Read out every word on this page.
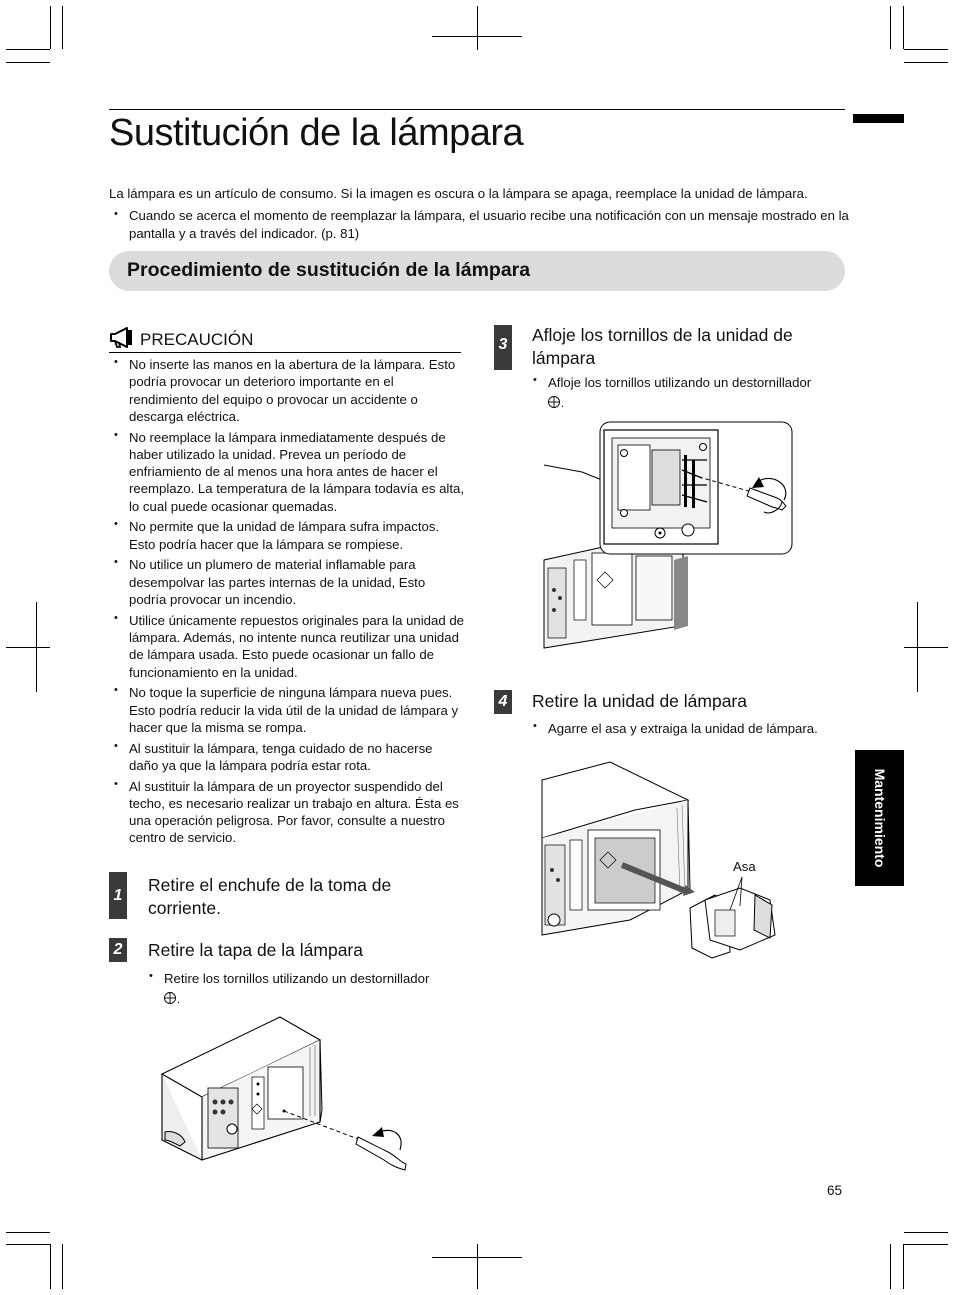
Sustitución de la lámpara
La lámpara es un artículo de consumo. Si la imagen es oscura o la lámpara se apaga, reemplace la unidad de lámpara.
• Cuando se acerca el momento de reemplazar la lámpara, el usuario recibe una notificación con un mensaje mostrado en la pantalla y a través del indicador. (p. 81)
Procedimiento de sustitución de la lámpara
PRECAUCIÓN
• No inserte las manos en la abertura de la lámpara. Esto podría provocar un deterioro importante en el rendimiento del equipo o provocar un accidente o descarga eléctrica.
• No reemplace la lámpara inmediatamente después de haber utilizado la unidad. Prevea un período de enfriamiento de al menos una hora antes de hacer el reemplazo. La temperatura de la lámpara todavía es alta, lo cual puede ocasionar quemadas.
• No permite que la unidad de lámpara sufra impactos. Esto podría hacer que la lámpara se rompiese.
• No utilice un plumero de material inflamable para desempolvar las partes internas de la unidad, Esto podría provocar un incendio.
• Utilice únicamente repuestos originales para la unidad de lámpara. Además, no intente nunca reutilizar una unidad de lámpara usada. Esto puede ocasionar un fallo de funcionamiento en la unidad.
• No toque la superficie de ninguna lámpara nueva pues. Esto podría reducir la vida útil de la unidad de lámpara y hacer que la misma se rompa.
• Al sustituir la lámpara, tenga cuidado de no hacerse daño ya que la lámpara podría estar rota.
• Al sustituir la lámpara de un proyector suspendido del techo, es necesario realizar un trabajo en altura. Ésta es una operación peligrosa. Por favor, consulte a nuestro centro de servicio.
1
Retire el enchufe de la toma de corriente.
2 Retire la tapa de la lámpara
• Retire los tornillos utilizando un destornillador
.
3 Afloje los tornillos de la unidad de lámpara
• Afloje los tornillos utilizando un destornillador
.
4 Retire la unidad de lámpara
• Agarre el asa y extraiga la unidad de lámpara.
Asa	Mantenimiento
65
